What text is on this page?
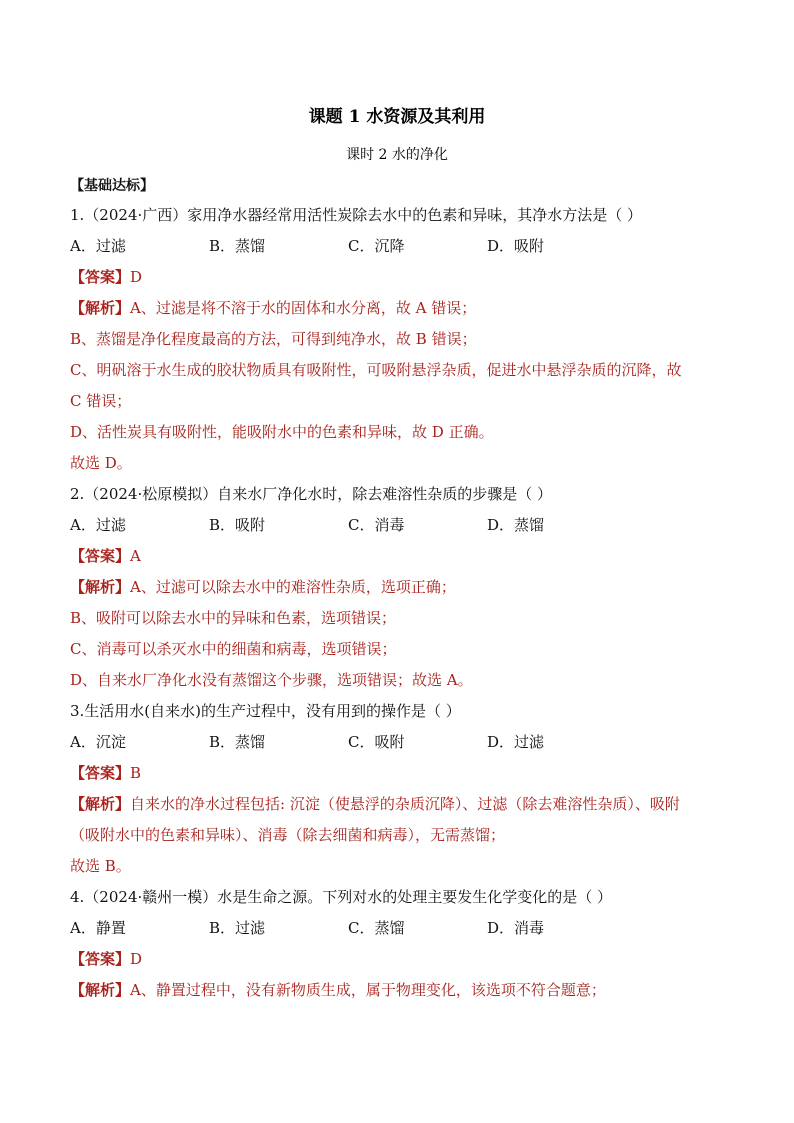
课题 1 水资源及其利用
课时 2 水的净化
【基础达标】
1.（2024·广西）家用净水器经常用活性炭除去水中的色素和异味，其净水方法是（ ）
A．过滤	B．蒸馏	C．沉降	D．吸附
【答案】D
【解析】A、过滤是将不溶于水的固体和水分离，故 A 错误；
B、蒸馏是净化程度最高的方法，可得到纯净水，故 B 错误；
C、明矾溶于水生成的胶状物质具有吸附性，可吸附悬浮杂质，促进水中悬浮杂质的沉降，故
C 错误；
D、活性炭具有吸附性，能吸附水中的色素和异味，故 D 正确。
故选 D。
2.（2024·松原模拟）自来水厂净化水时，除去难溶性杂质的步骤是（ ）
A．过滤	B．吸附	C．消毒	D．蒸馏
【答案】A
【解析】A、过滤可以除去水中的难溶性杂质，选项正确；
B、吸附可以除去水中的异味和色素，选项错误；
C、消毒可以杀灭水中的细菌和病毒，选项错误；
D、自来水厂净化水没有蒸馏这个步骤，选项错误；故选 A。
3.生活用水(自来水)的生产过程中，没有用到的操作是（ ）
A．沉淀	B．蒸馏	C．吸附	D．过滤
【答案】B
【解析】自来水的净水过程包括: 沉淀（使悬浮的杂质沉降）、过滤（除去难溶性杂质）、吸附
（吸附水中的色素和异味）、消毒（除去细菌和病毒），无需蒸馏；
故选 B。
4.（2024·赣州一模）水是生命之源。下列对水的处理主要发生化学变化的是（ ）
A．静置	B．过滤	C．蒸馏	D．消毒
【答案】D
【解析】A、静置过程中，没有新物质生成，属于物理变化，该选项不符合题意；
